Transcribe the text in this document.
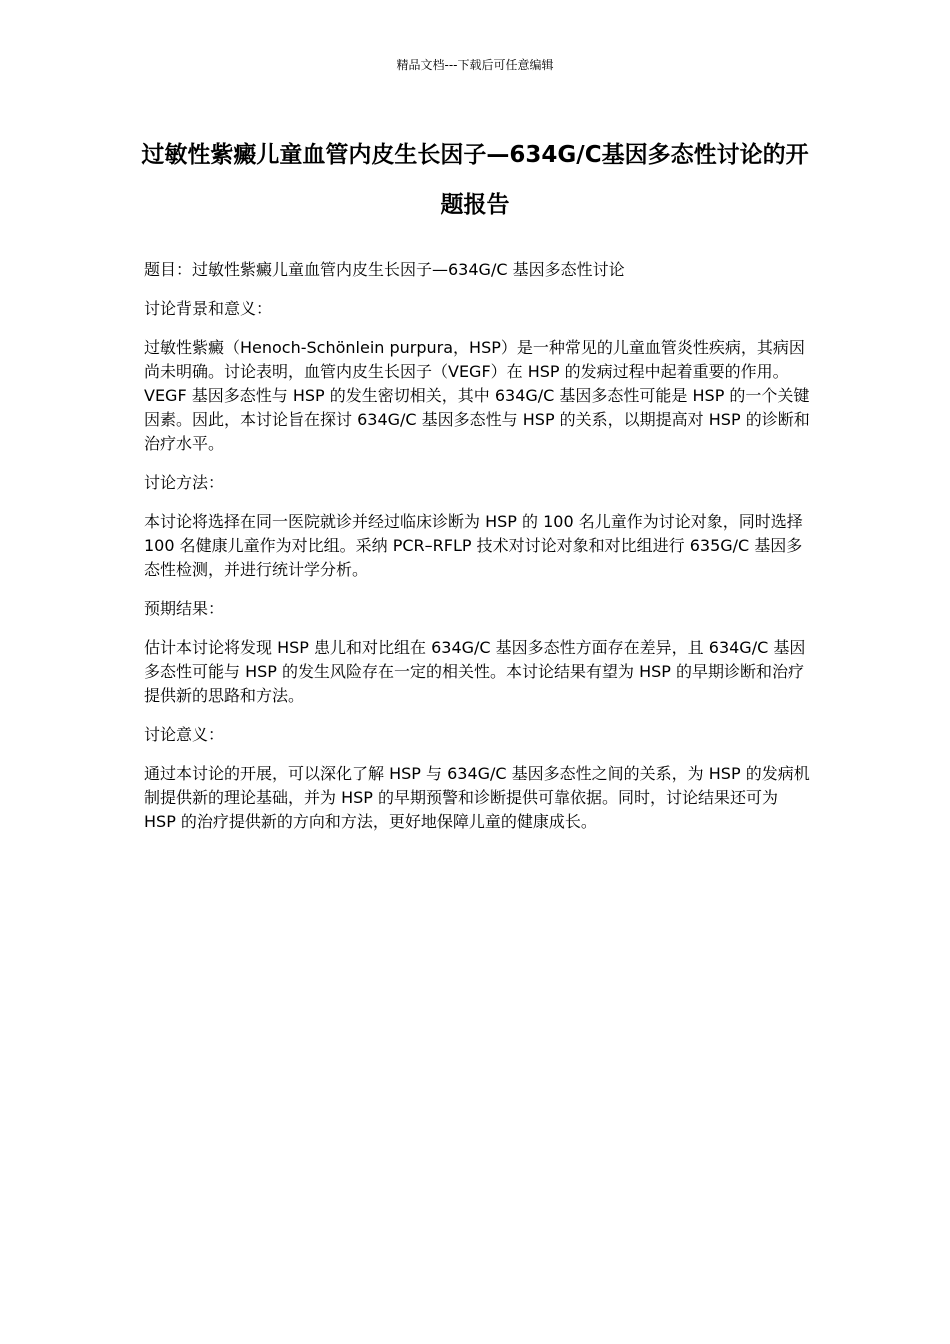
精品文档---下载后可任意编辑
过敏性紫癜儿童血管内皮生长因子—634G/C基因多态性讨论的开题报告

题目：过敏性紫癜儿童血管内皮生长因子—634G/C 基因多态性讨论

讨论背景和意义：

过敏性紫癜（Henoch-Schönlein purpura，HSP）是一种常见的儿童血管炎性疾病，其病因尚未明确。讨论表明，血管内皮生长因子（VEGF）在 HSP 的发病过程中起着重要的作用。VEGF 基因多态性与 HSP 的发生密切相关，其中 634G/C 基因多态性可能是 HSP 的一个关键因素。因此，本讨论旨在探讨 634G/C 基因多态性与 HSP 的关系，以期提高对 HSP 的诊断和治疗水平。

讨论方法：

本讨论将选择在同一医院就诊并经过临床诊断为 HSP 的 100 名儿童作为讨论对象，同时选择 100 名健康儿童作为对比组。采纳 PCR–RFLP 技术对讨论对象和对比组进行 635G/C 基因多态性检测，并进行统计学分析。

预期结果：

估计本讨论将发现 HSP 患儿和对比组在 634G/C 基因多态性方面存在差异，且 634G/C 基因多态性可能与 HSP 的发生风险存在一定的相关性。本讨论结果有望为 HSP 的早期诊断和治疗提供新的思路和方法。

讨论意义：

通过本讨论的开展，可以深化了解 HSP 与 634G/C 基因多态性之间的关系，为 HSP 的发病机制提供新的理论基础，并为 HSP 的早期预警和诊断提供可靠依据。同时，讨论结果还可为 HSP 的治疗提供新的方向和方法，更好地保障儿童的健康成长。
